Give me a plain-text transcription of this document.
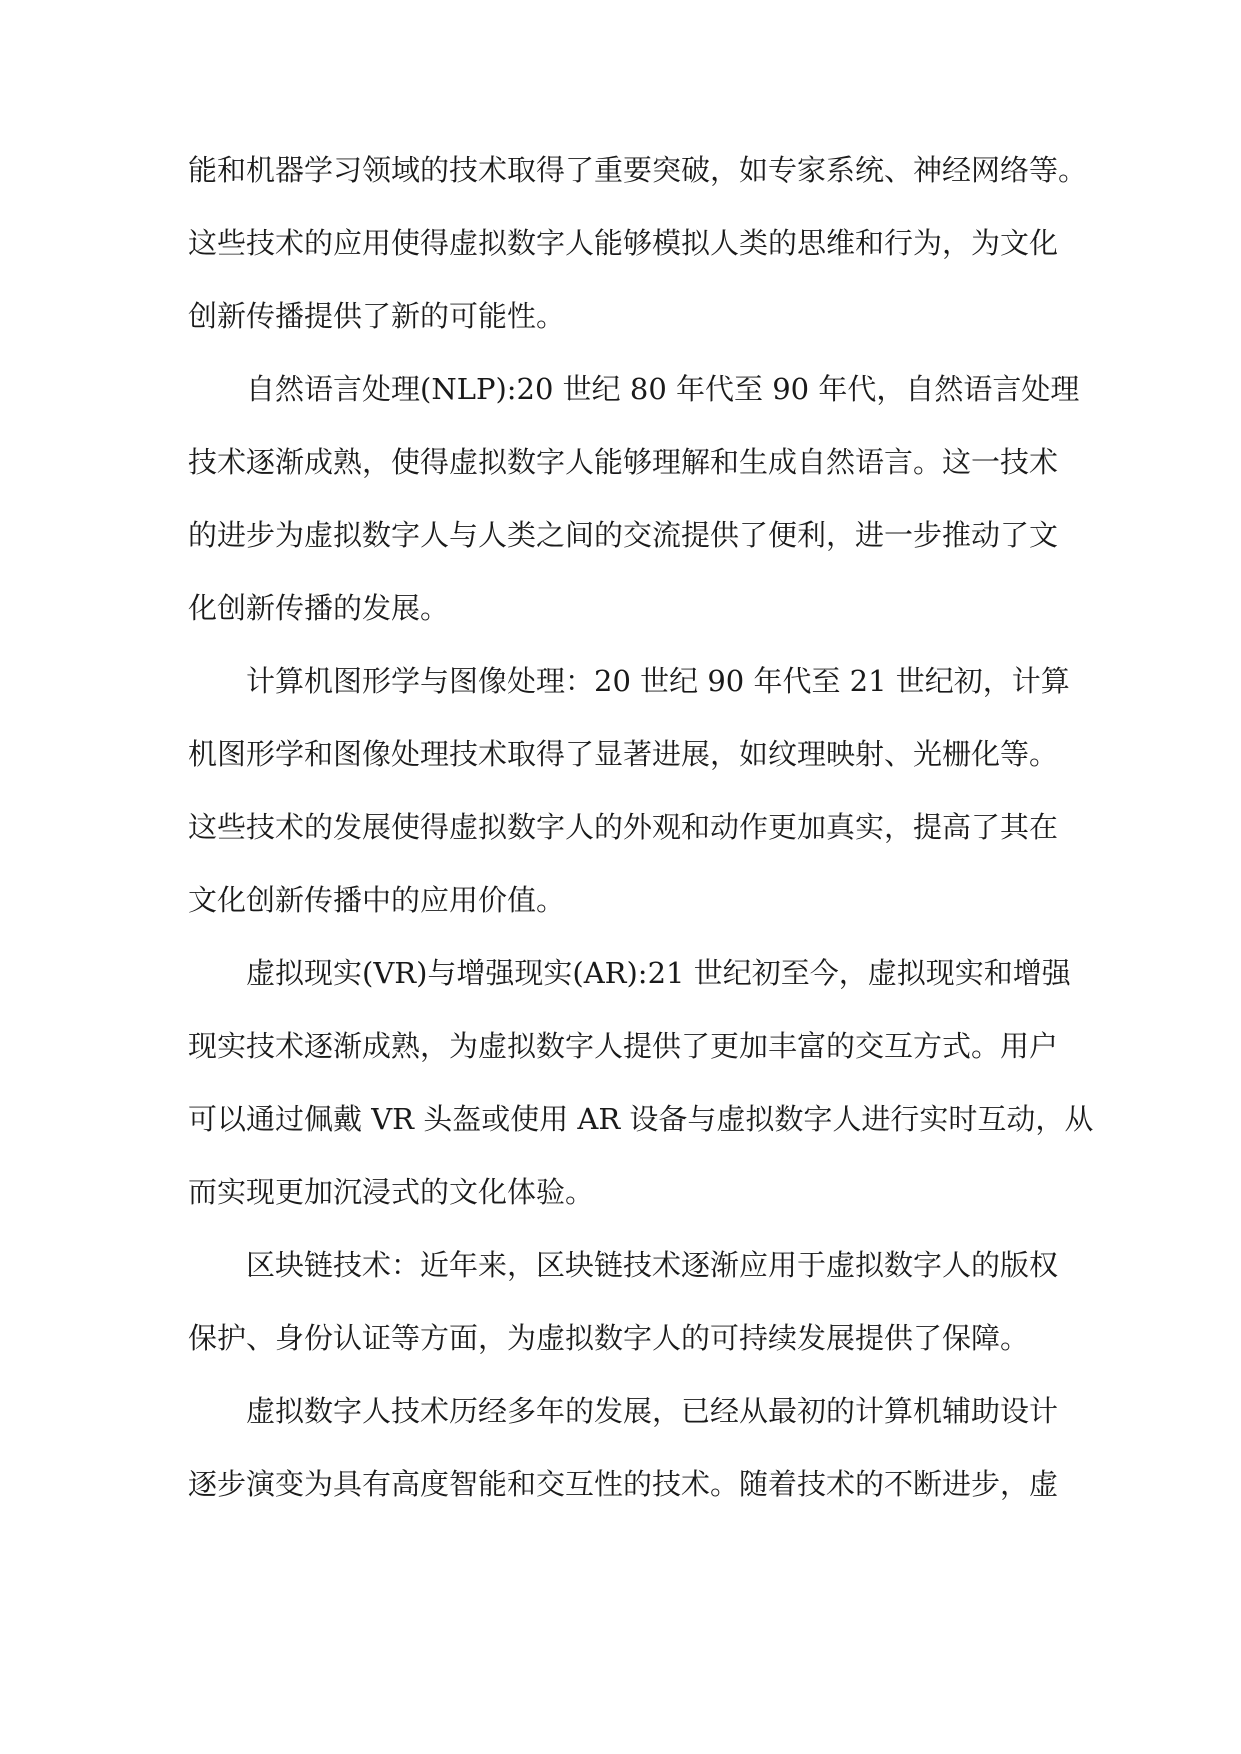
能和机器学习领域的技术取得了重要突破，如专家系统、神经网络等。
这些技术的应用使得虚拟数字人能够模拟人类的思维和行为，为文化
创新传播提供了新的可能性。
自然语言处理(NLP):20 世纪 80 年代至 90 年代，自然语言处理
技术逐渐成熟，使得虚拟数字人能够理解和生成自然语言。这一技术
的进步为虚拟数字人与人类之间的交流提供了便利，进一步推动了文
化创新传播的发展。
计算机图形学与图像处理：20 世纪 90 年代至 21 世纪初，计算
机图形学和图像处理技术取得了显著进展，如纹理映射、光栅化等。
这些技术的发展使得虚拟数字人的外观和动作更加真实，提高了其在
文化创新传播中的应用价值。
虚拟现实(VR)与增强现实(AR):21 世纪初至今，虚拟现实和增强
现实技术逐渐成熟，为虚拟数字人提供了更加丰富的交互方式。用户
可以通过佩戴 VR 头盔或使用 AR 设备与虚拟数字人进行实时互动，从
而实现更加沉浸式的文化体验。
区块链技术：近年来，区块链技术逐渐应用于虚拟数字人的版权
保护、身份认证等方面，为虚拟数字人的可持续发展提供了保障。
虚拟数字人技术历经多年的发展，已经从最初的计算机辅助设计
逐步演变为具有高度智能和交互性的技术。随着技术的不断进步，虚
